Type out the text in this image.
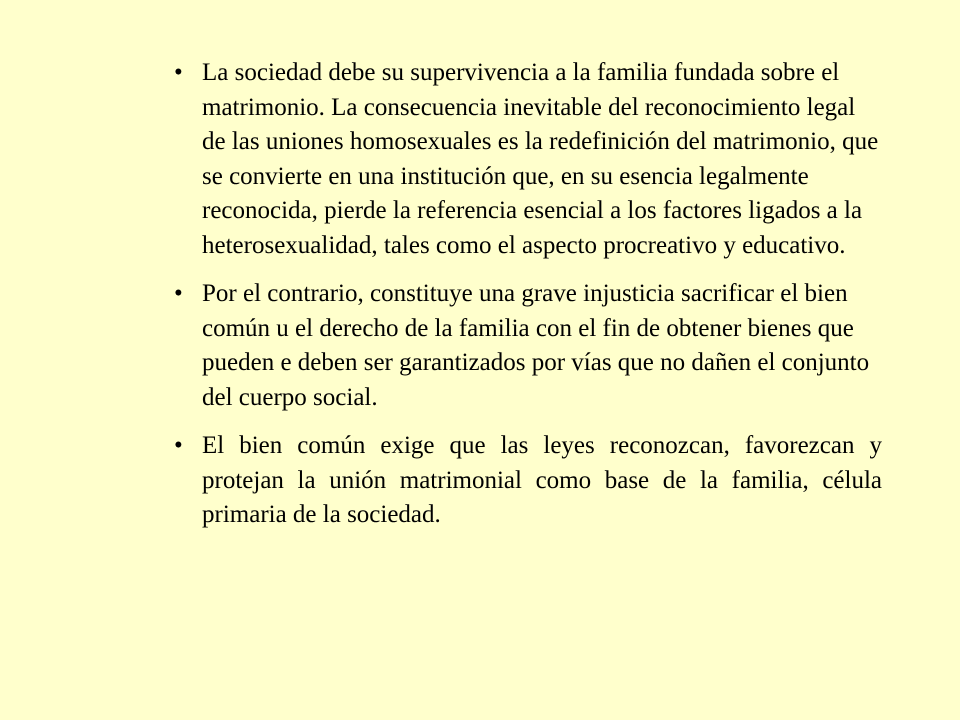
• La sociedad debe su supervivencia a la familia fundada sobre el matrimonio. La consecuencia inevitable del reconocimiento legal de las uniones homosexuales es la redefinición del matrimonio, que se convierte en una institución que, en su esencia legalmente reconocida, pierde la referencia esencial a los factores ligados a la heterosexualidad, tales como el aspecto procreativo y educativo.
• Por el contrario, constituye una grave injusticia sacrificar el bien común u el derecho de la familia con el fin de obtener bienes que pueden e deben ser garantizados por vías que no dañen el conjunto del cuerpo social.
• El bien común exige que las leyes reconozcan, favorezcan y protejan la unión matrimonial como base de la familia, célula primaria de la sociedad.
